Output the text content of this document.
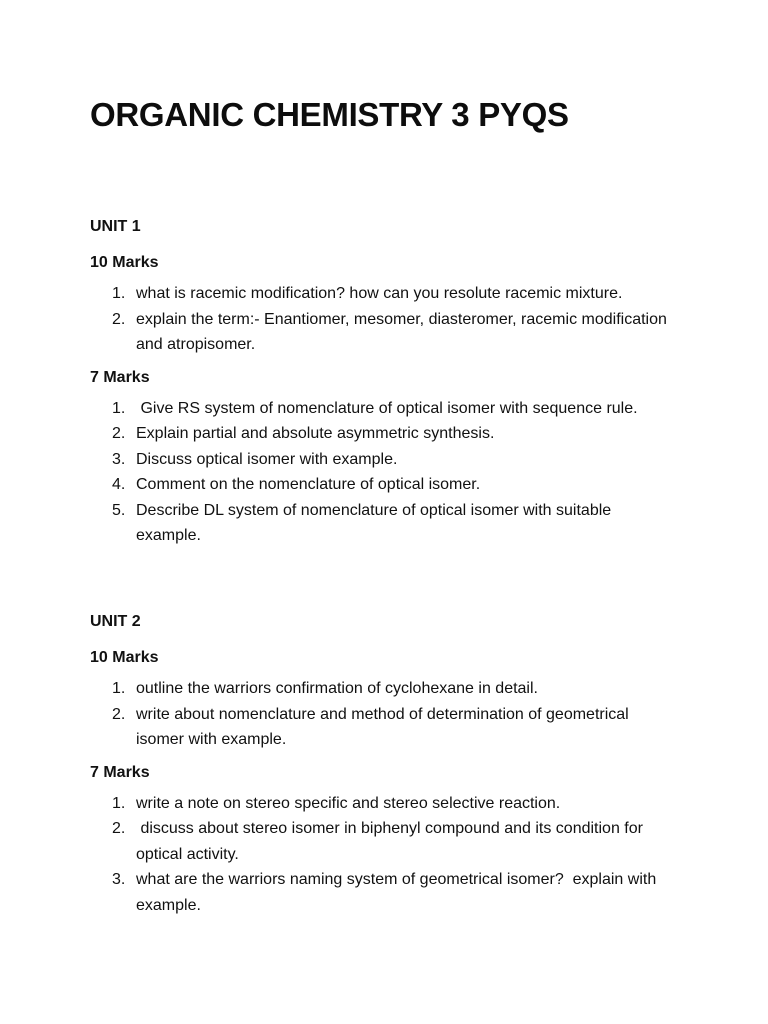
ORGANIC CHEMISTRY 3 PYQS

UNIT 1

10 Marks

1. what is racemic modification? how can you resolute racemic mixture.
2. explain the term:- Enantiomer, mesomer, diasteromer, racemic modification and atropisomer.

7 Marks

1. Give RS system of nomenclature of optical isomer with sequence rule.
2. Explain partial and absolute asymmetric synthesis.
3. Discuss optical isomer with example.
4. Comment on the nomenclature of optical isomer.
5. Describe DL system of nomenclature of optical isomer with suitable example.

UNIT 2

10 Marks

1. outline the warriors confirmation of cyclohexane in detail.
2. write about nomenclature and method of determination of geometrical isomer with example.

7 Marks

1. write a note on stereo specific and stereo selective reaction.
2. discuss about stereo isomer in biphenyl compound and its condition for optical activity.
3. what are the warriors naming system of geometrical isomer?  explain with example.
